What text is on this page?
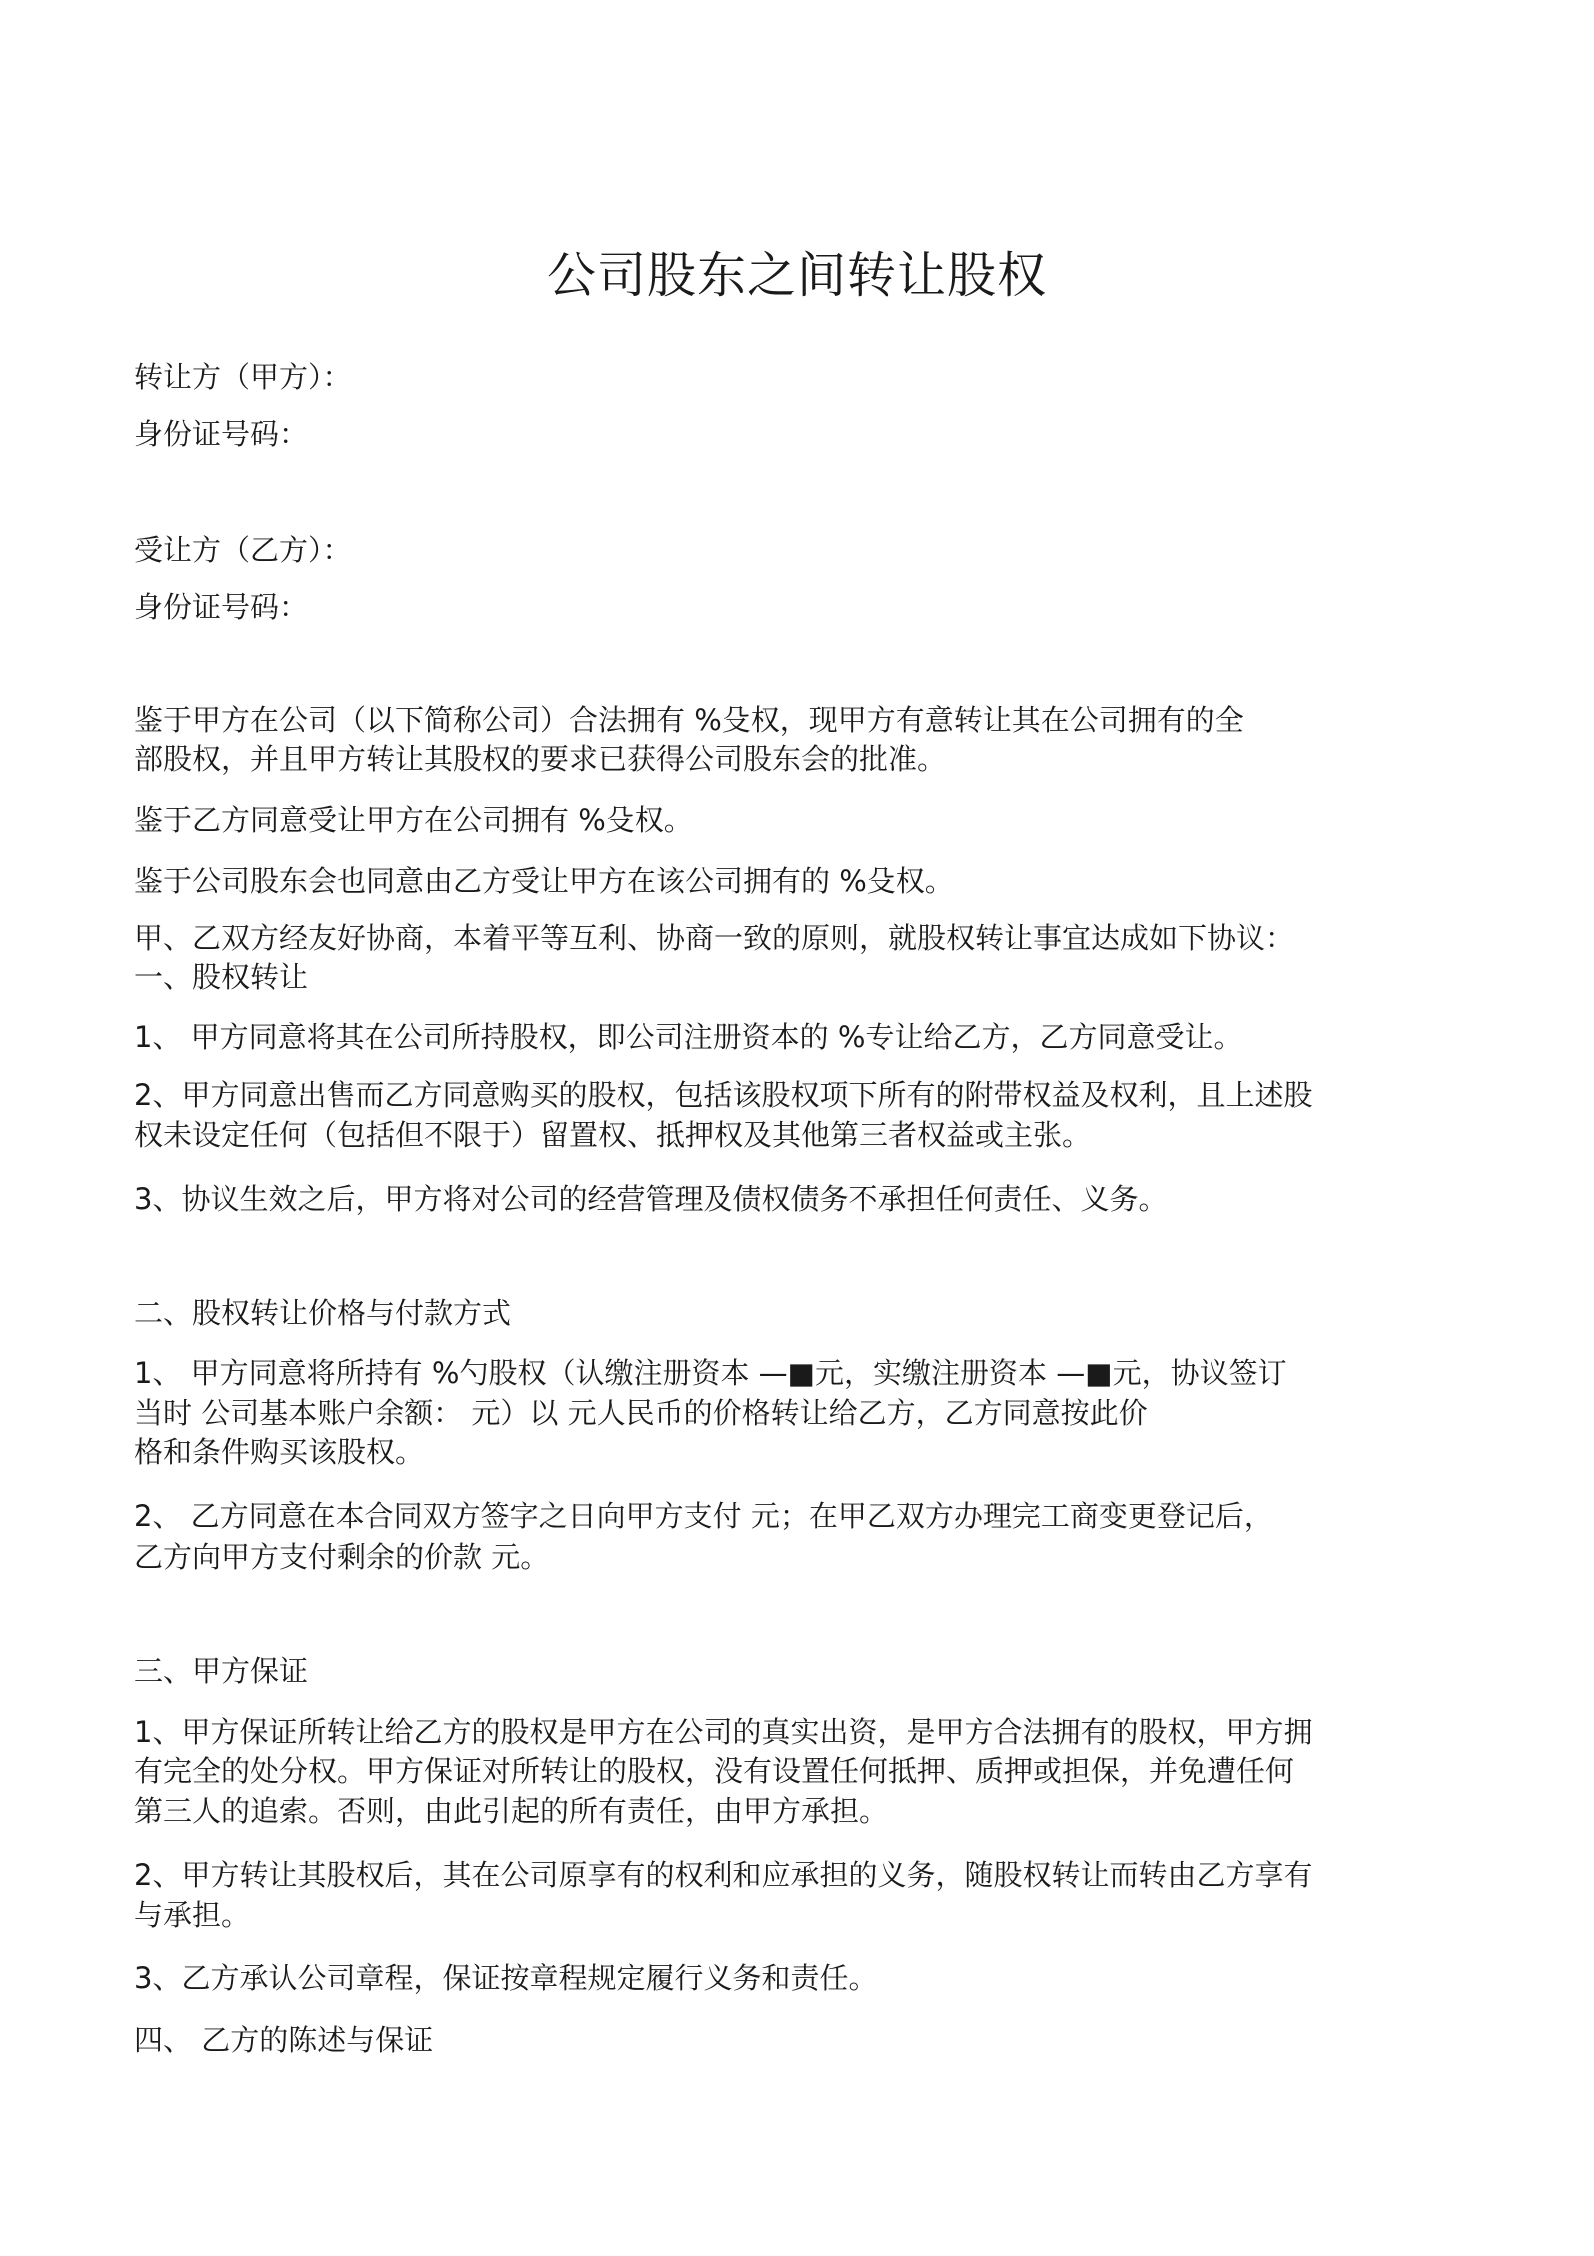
公司股东之间转让股权

转让方（甲方）：

身份证号码：

受让方（乙方）：

身份证号码：

鉴于甲方在公司（以下简称公司）合法拥有 %殳权，现甲方有意转让其在公司拥有的全

部股权，并且甲方转让其股权的要求已获得公司股东会的批准。

鉴于乙方同意受让甲方在公司拥有 %殳权。

鉴于公司股东会也同意由乙方受让甲方在该公司拥有的 %殳权。

甲、乙双方经友好协商，本着平等互利、协商一致的原则，就股权转让事宜达成如下协议：

一、股权转让

1、 甲方同意将其在公司所持股权，即公司注册资本的 %专让给乙方，乙方同意受让。

2、甲方同意出售而乙方同意购买的股权，包括该股权项下所有的附带权益及权利，且上述股

权未设定任何（包括但不限于）留置权、抵押权及其他第三者权益或主张。

3、协议生效之后，甲方将对公司的经营管理及债权债务不承担任何责任、义务。

二、股权转让价格与付款方式

1、 甲方同意将所持有 %勺股权（认缴注册资本 —■元，实缴注册资本 —■元，协议签订

当时 公司基本账户余额： 元）以 元人民币的价格转让给乙方，乙方同意按此价

格和条件购买该股权。

2、 乙方同意在本合同双方签字之日向甲方支付 元；在甲乙双方办理完工商变更登记后，

乙方向甲方支付剩余的价款 元。

三、甲方保证

1、甲方保证所转让给乙方的股权是甲方在公司的真实出资，是甲方合法拥有的股权，甲方拥

有完全的处分权。甲方保证对所转让的股权，没有设置任何抵押、质押或担保，并免遭任何

第三人的追索。否则，由此引起的所有责任，由甲方承担。

2、甲方转让其股权后，其在公司原享有的权利和应承担的义务，随股权转让而转由乙方享有

与承担。

3、乙方承认公司章程，保证按章程规定履行义务和责任。

四、 乙方的陈述与保证
